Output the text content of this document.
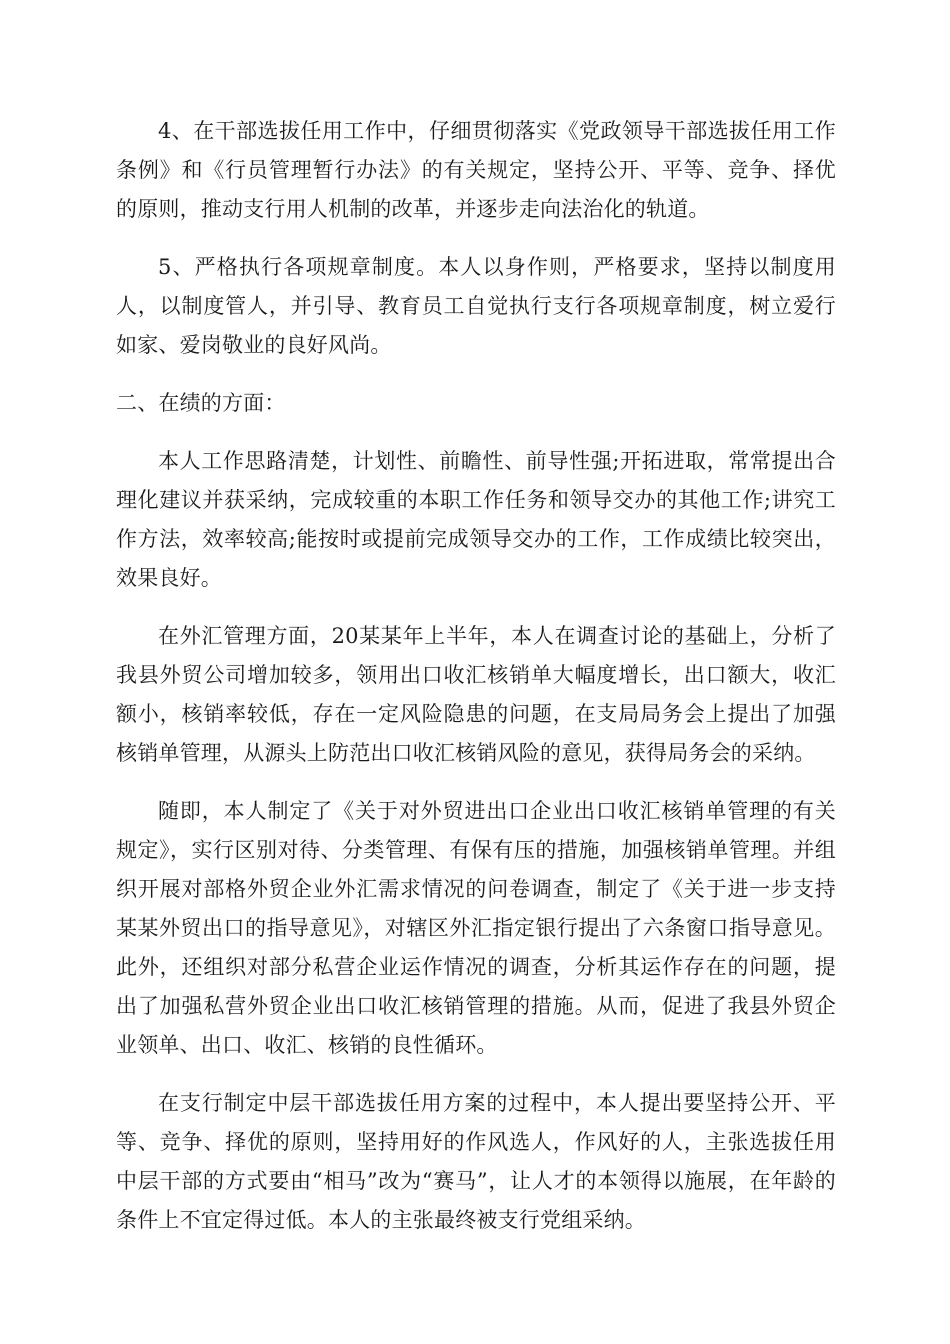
4、在干部选拔任用工作中，仔细贯彻落实《党政领导干部选拔任用工作条例》和《行员管理暂行办法》的有关规定，坚持公开、平等、竞争、择优的原则，推动支行用人机制的改革，并逐步走向法治化的轨道。

5、严格执行各项规章制度。本人以身作则，严格要求，坚持以制度用人，以制度管人，并引导、教育员工自觉执行支行各项规章制度，树立爱行如家、爱岗敬业的良好风尚。

二、在绩的方面：

本人工作思路清楚，计划性、前瞻性、前导性强;开拓进取，常常提出合理化建议并获采纳，完成较重的本职工作任务和领导交办的其他工作;讲究工作方法，效率较高;能按时或提前完成领导交办的工作，工作成绩比较突出，效果良好。

在外汇管理方面，20某某年上半年，本人在调查讨论的基础上，分析了我县外贸公司增加较多，领用出口收汇核销单大幅度增长，出口额大，收汇额小，核销率较低，存在一定风险隐患的问题，在支局局务会上提出了加强核销单管理，从源头上防范出口收汇核销风险的意见，获得局务会的采纳。

随即，本人制定了《关于对外贸进出口企业出口收汇核销单管理的有关规定》，实行区别对待、分类管理、有保有压的措施，加强核销单管理。并组织开展对部格外贸企业外汇需求情况的问卷调查，制定了《关于进一步支持某某外贸出口的指导意见》，对辖区外汇指定银行提出了六条窗口指导意见。此外，还组织对部分私营企业运作情况的调查，分析其运作存在的问题，提出了加强私营外贸企业出口收汇核销管理的措施。从而，促进了我县外贸企业领单、出口、收汇、核销的良性循环。

在支行制定中层干部选拔任用方案的过程中，本人提出要坚持公开、平等、竞争、择优的原则，坚持用好的作风选人，作风好的人，主张选拔任用中层干部的方式要由“相马”改为“赛马”，让人才的本领得以施展，在年龄的条件上不宜定得过低。本人的主张最终被支行党组采纳。
